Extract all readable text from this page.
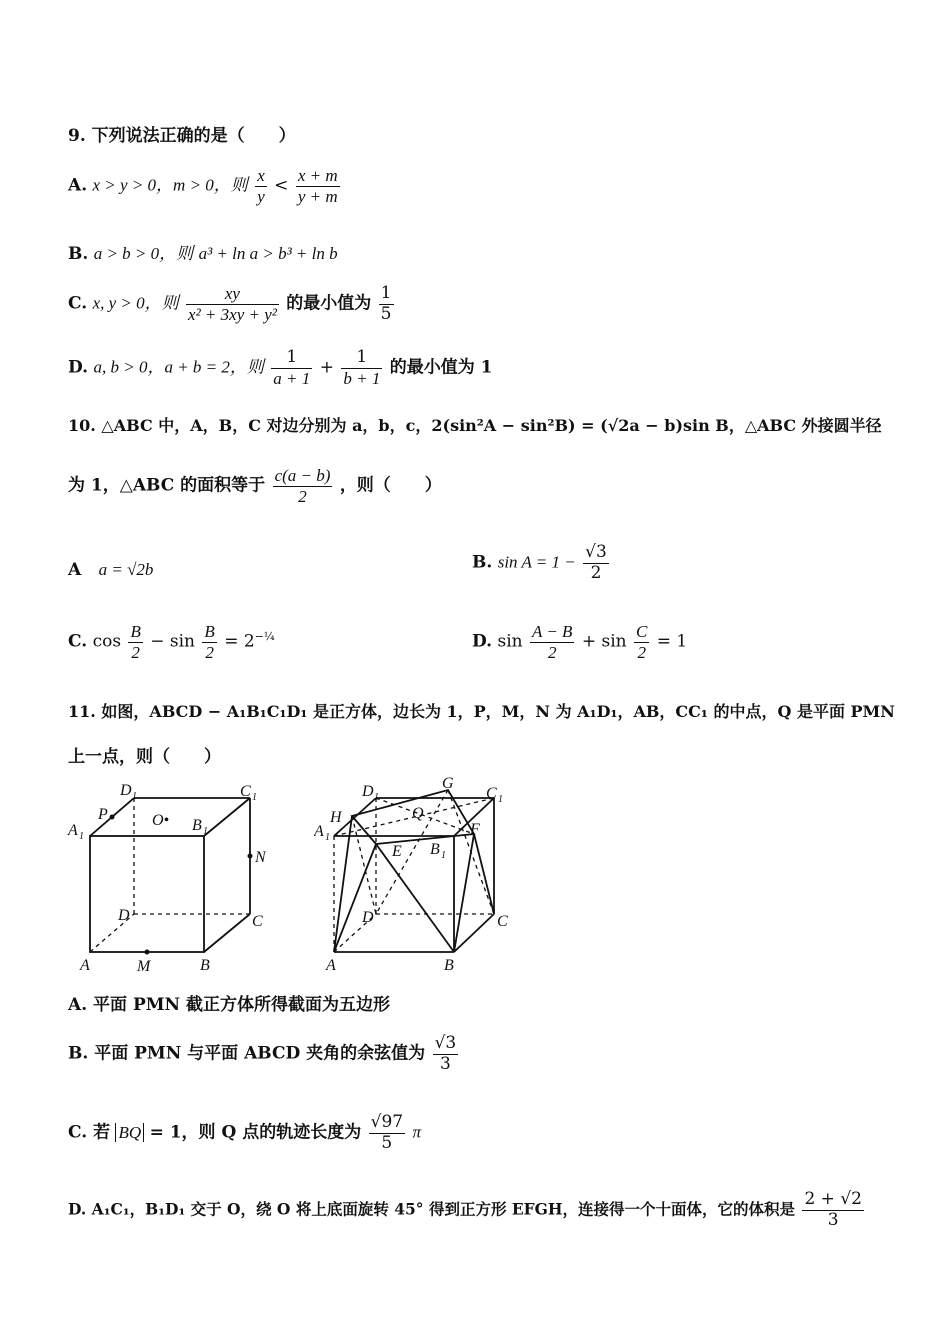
9. 下列说法正确的是（　　）
A. x > y > 0，m > 0，则 $\frac{x}{y} < \frac{x + m}{y + m}$
B. a > b > 0，则 a³ + ln a > b³ + ln b
C. x, y > 0，则 $\frac{xy}{\text{x² + 3xy + y²}}$ 的最小值为 $\frac{1}{5}$
D. a, b > 0，a + b = 2，则 $\frac{1}{a + 1} + \frac{1}{b + 1}$ 的最小值为 1
10. △ABC 中，A，B，C 对边分别为 a，b，c，2(sin²A − sin²B) = (√2a − b)sin B，△ABC 外接圆半径
为 1，△ABC 的面积等于 $\frac{c(a - b)}{2}$ ，则（　　）
A a = √2b	B. $\sin A = 1 - \frac{√3}{2}$
C. $\cos \frac{B}{2} - \sin \frac{B}{2} = 2^{-\frac{1}{4}}$	D. $\sin \frac{A - B}{2} + \sin \frac{C}{2} = 1$
11. 如图，ABCD − A₁B₁C₁D₁ 是正方体，边长为 1，P，M，N 为 A₁D₁，AB，CC₁ 的中点，Q 是平面 PMN
上一点，则（　　）
D 1	C 1
P	O• B 1
A 1
N
D	C
A	M	B
D 1
G
C 1
H	Q
A 1	F
E B 1
D	C
A	B
A. 平面 PMN 截正方体所得截面为五边形
B. 平面 PMN 与平面 ABCD 夹角的余弦值为 $\frac{√3}{3}$
C. 若 BQ = 1，则 Q 点的轨迹长度为 $\frac{√97}{5}$ π
D. A₁C₁，B₁D₁ 交于 O，绕 O 将上底面旋转 45° 得到正方形 EFGH，连接得一个十面体，它的体积是 $\frac{2 + √2}{3}$
